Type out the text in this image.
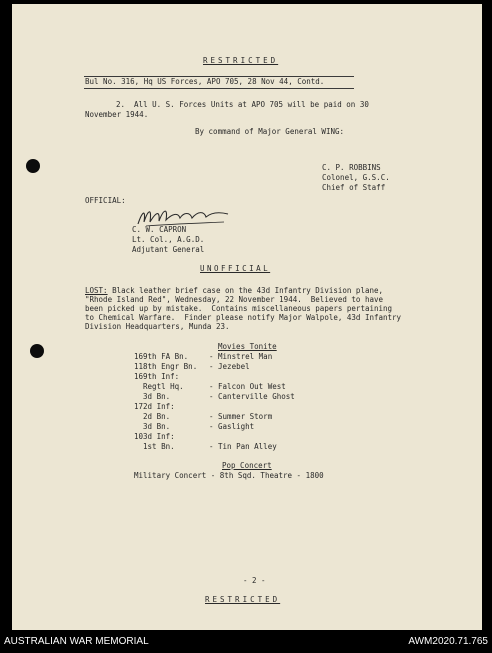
RESTRICTED
Bul No. 316, Hq US Forces, APO 705, 28 Nov 44, Contd.
2.  All U. S. Forces Units at APO 705 will be paid on 30
November 1944.
By command of Major General WING:
C. P. ROBBINS
Colonel, G.S.C.
Chief of Staff
OFFICIAL:
C. W. CAPRON
Lt. Col., A.G.D.
Adjutant General
UNOFFICIAL
LOST: Black leather brief case on the 43d Infantry Division plane,
"Rhode Island Red", Wednesday, 22 November 1944.  Believed to have
been picked up by mistake.  Contains miscellaneous papers pertaining
to Chemical Warfare.  Finder please notify Major Walpole, 43d Infantry
Division Headquarters, Munda 23.
Movies Tonite
169th FA Bn.	- Minstrel Man
118th Engr Bn. - Jezebel
169th Inf:
Regtl Hq.	- Falcon Out West
3d Bn.	- Canterville Ghost
172d Inf:
2d Bn.	- Summer Storm
3d Bn.	- Gaslight
103d Inf:
1st Bn.	- Tin Pan Alley
Pop Concert
Military Concert - 8th Sqd. Theatre - 1800
- 2 -
RESTRICTED
AUSTRALIAN WAR MEMORIAL	AWM2020.71.765
